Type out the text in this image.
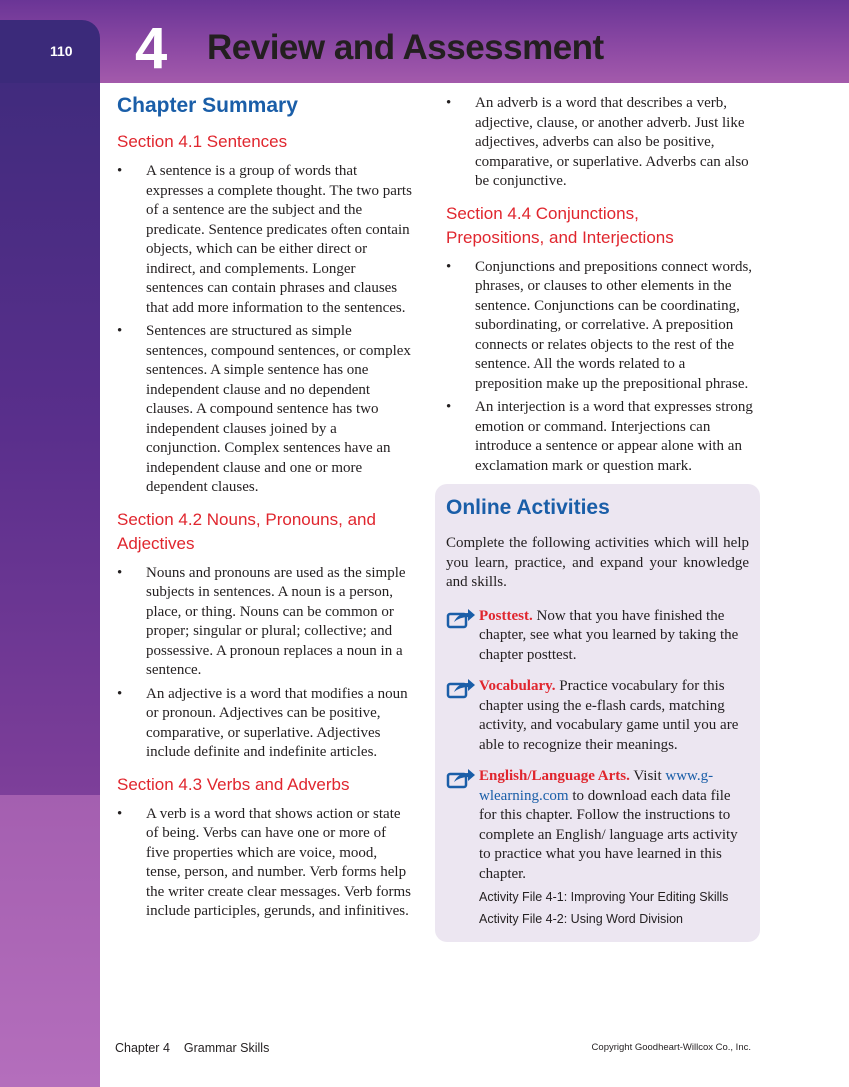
110 4 Review and Assessment
Chapter Summary
Section 4.1 Sentences
• A sentence is a group of words that expresses a complete thought. The two parts of a sentence are the subject and the predicate. Sentence predicates often contain objects, which can be either direct or indirect, and complements. Longer sentences can contain phrases and clauses that add more information to the sentences.
• Sentences are structured as simple sentences, compound sentences, or complex sentences. A simple sentence has one independent clause and no dependent clauses. A compound sentence has two independent clauses joined by a conjunction. Complex sentences have an independent clause and one or more dependent clauses.
Section 4.2 Nouns, Pronouns, and Adjectives
• Nouns and pronouns are used as the simple subjects in sentences. A noun is a person, place, or thing. Nouns can be common or proper; singular or plural; collective; and possessive. A pronoun replaces a noun in a sentence.
• An adjective is a word that modifies a noun or pronoun. Adjectives can be positive, comparative, or superlative. Adjectives include definite and indefinite articles.
Section 4.3 Verbs and Adverbs
• A verb is a word that shows action or state of being. Verbs can have one or more of five properties which are voice, mood, tense, person, and number. Verb forms help the writer create clear messages. Verb forms include participles, gerunds, and infinitives.
• An adverb is a word that describes a verb, adjective, clause, or another adverb. Just like adjectives, adverbs can also be positive, comparative, or superlative. Adverbs can also be conjunctive.
Section 4.4 Conjunctions, Prepositions, and Interjections
• Conjunctions and prepositions connect words, phrases, or clauses to other elements in the sentence. Conjunctions can be coordinating, subordinating, or correlative. A preposition connects or relates objects to the rest of the sentence. All the words related to a preposition make up the prepositional phrase.
• An interjection is a word that expresses strong emotion or command. Interjections can introduce a sentence or appear alone with an exclamation mark or question mark.
Online Activities
Complete the following activities which will help you learn, practice, and expand your knowledge and skills.
Posttest. Now that you have finished the chapter, see what you learned by taking the chapter posttest.
Vocabulary. Practice vocabulary for this chapter using the e-flash cards, matching activity, and vocabulary game until you are able to recognize their meanings.
English/Language Arts. Visit www.g-wlearning.com to download each data file for this chapter. Follow the instructions to complete an English/ language arts activity to practice what you have learned in this chapter.
Activity File 4-1: Improving Your Editing Skills
Activity File 4-2: Using Word Division
Chapter 4 Grammar Skills	Copyright Goodheart-Willcox Co., Inc.
